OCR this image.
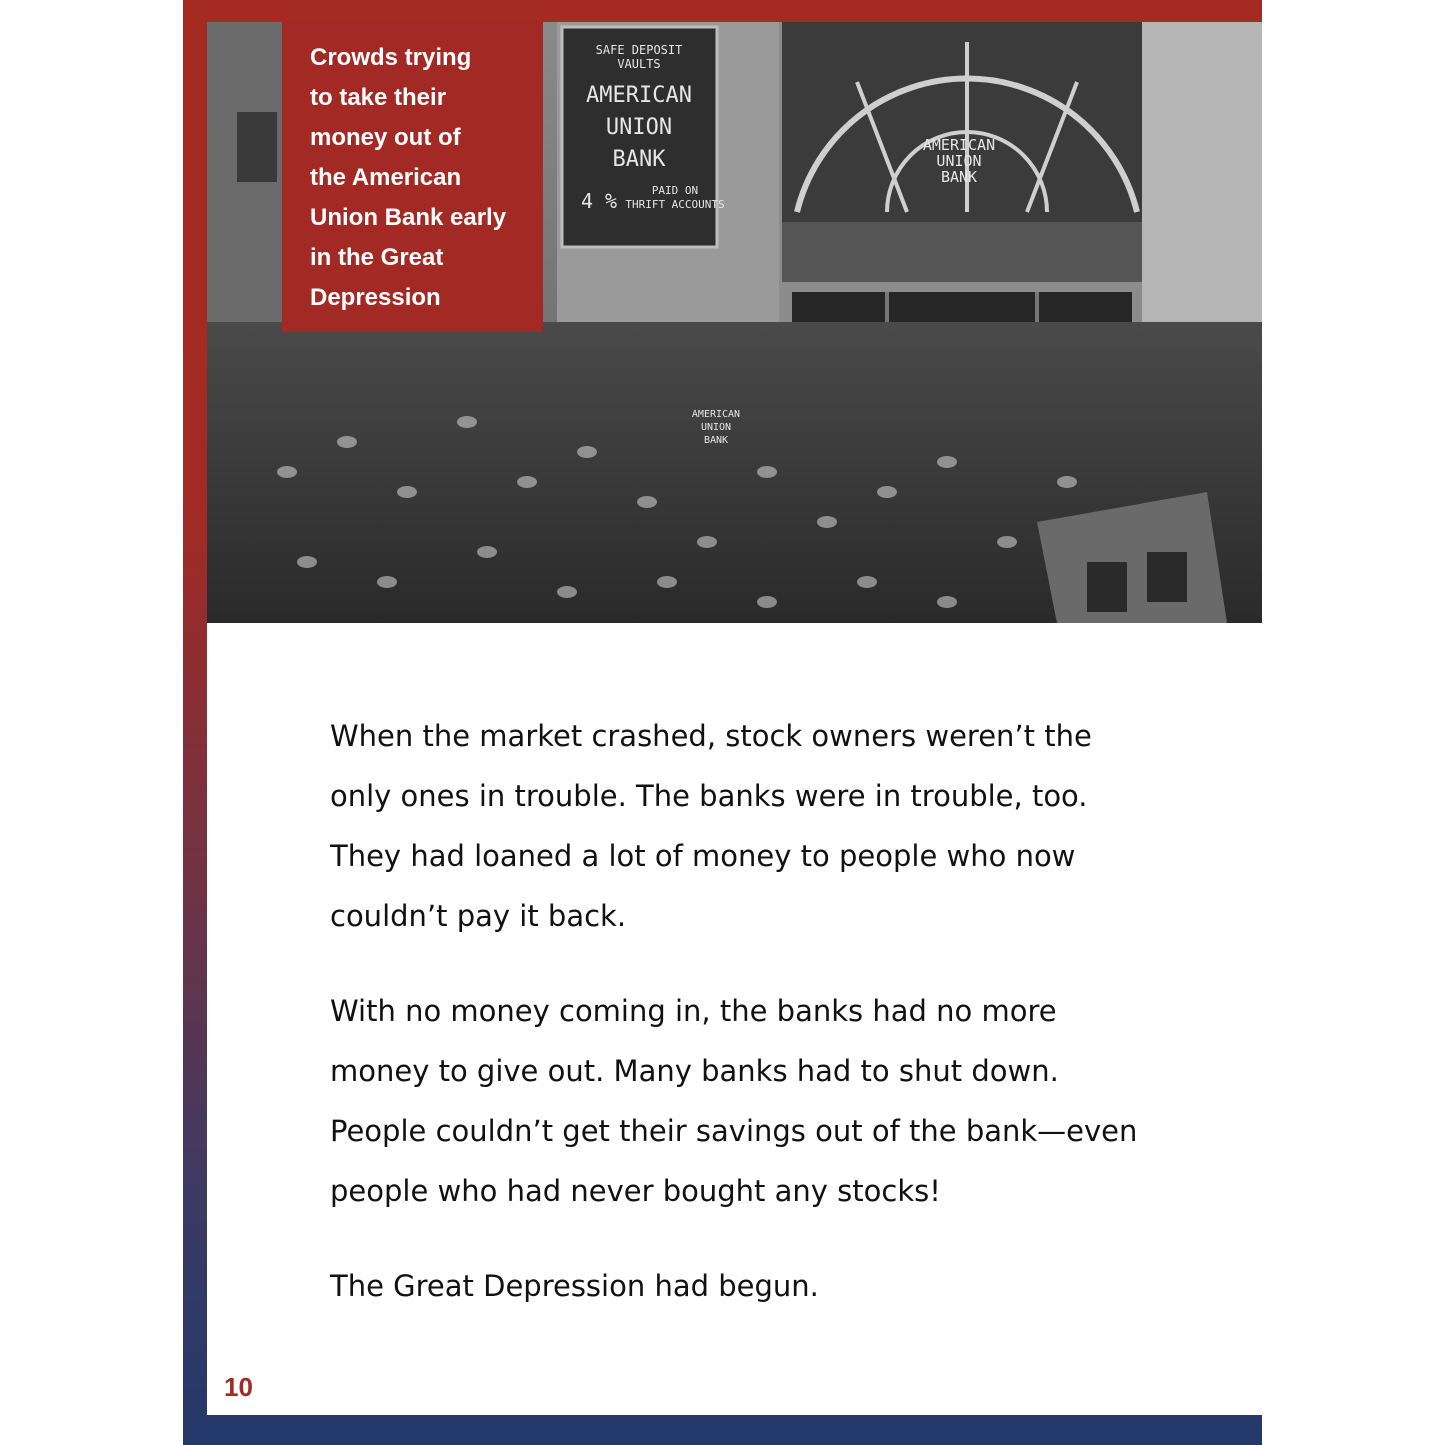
SAFE DEPOSIT
VAULTS
AMERICAN
UNION
BANK
4 %	PAID ON
THRIFT ACCOUNTS
AMERICAN
UNION
BANK
AMERICAN
UNION
BANK
Crowds trying
to take their
money out of
the American
Union Bank early
in the Great
Depression

When the market crashed, stock owners weren’t the only ones in trouble. The banks were in trouble, too. They had loaned a lot of money to people who now couldn’t pay it back.

With no money coming in, the banks had no more money to give out. Many banks had to shut down. People couldn’t get their savings out of the bank—even people who had never bought any stocks!

The Great Depression had begun.

10
